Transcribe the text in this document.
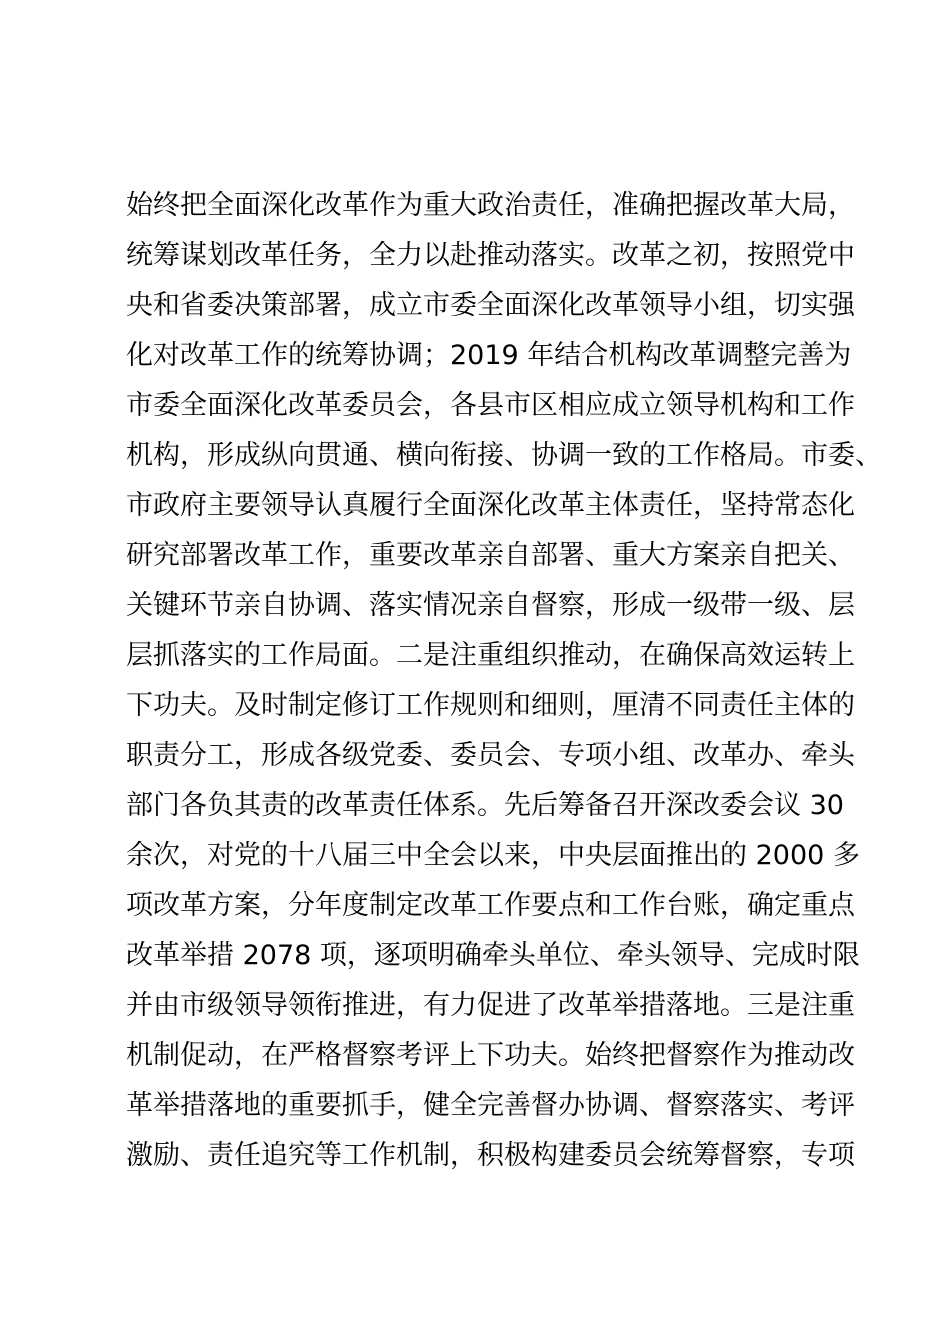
始终把全面深化改革作为重大政治责任，准确把握改革大局，
统筹谋划改革任务，全力以赴推动落实。改革之初，按照党中
央和省委决策部署，成立市委全面深化改革领导小组，切实强
化对改革工作的统筹协调；2019 年结合机构改革调整完善为
市委全面深化改革委员会，各县市区相应成立领导机构和工作
机构，形成纵向贯通、横向衔接、协调一致的工作格局。市委、
市政府主要领导认真履行全面深化改革主体责任，坚持常态化
研究部署改革工作，重要改革亲自部署、重大方案亲自把关、
关键环节亲自协调、落实情况亲自督察，形成一级带一级、层
层抓落实的工作局面。二是注重组织推动，在确保高效运转上
下功夫。及时制定修订工作规则和细则，厘清不同责任主体的
职责分工，形成各级党委、委员会、专项小组、改革办、牵头
部门各负其责的改革责任体系。先后筹备召开深改委会议 30
余次，对党的十八届三中全会以来，中央层面推出的 2000 多
项改革方案，分年度制定改革工作要点和工作台账，确定重点
改革举措 2078 项，逐项明确牵头单位、牵头领导、完成时限
并由市级领导领衔推进，有力促进了改革举措落地。三是注重
机制促动，在严格督察考评上下功夫。始终把督察作为推动改
革举措落地的重要抓手，健全完善督办协调、督察落实、考评
激励、责任追究等工作机制，积极构建委员会统筹督察，专项
